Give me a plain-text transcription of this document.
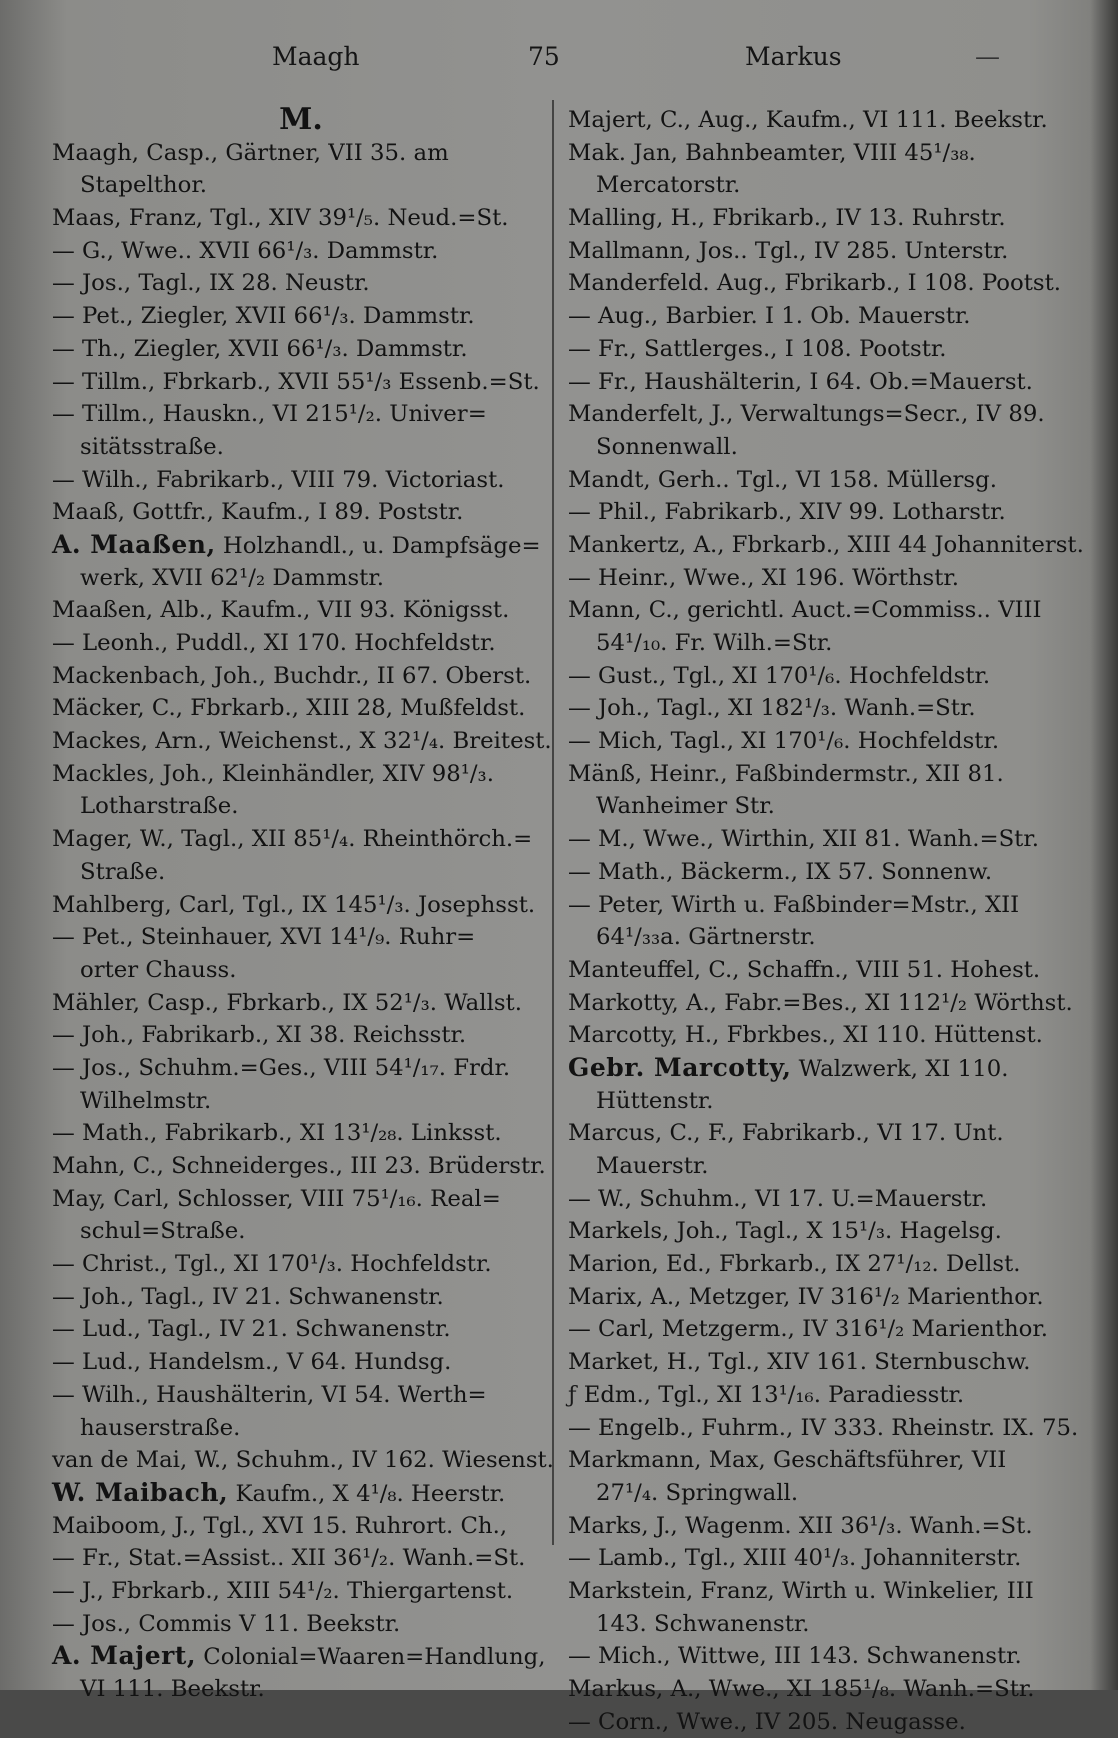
Maagh	75	Markus	—
M.
Maagh, Casp., Gärtner, VII 35. am
Stapelthor.
Maas, Franz, Tgl., XIV 39¹/₅. Neud.=St.
— G., Wwe.. XVII 66¹/₃. Dammstr.
— Jos., Tagl., IX 28. Neustr.
— Pet., Ziegler, XVII 66¹/₃. Dammstr.
— Th., Ziegler, XVII 66¹/₃. Dammstr.
— Tillm., Fbrkarb., XVII 55¹/₃ Essenb.=St.
— Tillm., Hauskn., VI 215¹/₂. Univer=
sitätsstraße.
— Wilh., Fabrikarb., VIII 79. Victoriast.
Maaß, Gottfr., Kaufm., I 89. Poststr.
A. Maaßen, Holzhandl., u. Dampfsäge=
werk, XVII 62¹/₂ Dammstr.
Maaßen, Alb., Kaufm., VII 93. Königsst.
— Leonh., Puddl., XI 170. Hochfeldstr.
Mackenbach, Joh., Buchdr., II 67. Oberst.
Mäcker, C., Fbrkarb., XIII 28, Mußfeldst.
Mackes, Arn., Weichenst., X 32¹/₄. Breitest.
Mackles, Joh., Kleinhändler, XIV 98¹/₃.
Lotharstraße.
Mager, W., Tagl., XII 85¹/₄. Rheinthörch.=
Straße.
Mahlberg, Carl, Tgl., IX 145¹/₃. Josephsst.
— Pet., Steinhauer, XVI 14¹/₉. Ruhr=
orter Chauss.
Mähler, Casp., Fbrkarb., IX 52¹/₃. Wallst.
— Joh., Fabrikarb., XI 38. Reichsstr.
— Jos., Schuhm.=Ges., VIII 54¹/₁₇. Frdr.
Wilhelmstr.
— Math., Fabrikarb., XI 13¹/₂₈. Linksst.
Mahn, C., Schneiderges., III 23. Brüderstr.
May, Carl, Schlosser, VIII 75¹/₁₆. Real=
schul=Straße.
— Christ., Tgl., XI 170¹/₃. Hochfeldstr.
— Joh., Tagl., IV 21. Schwanenstr.
— Lud., Tagl., IV 21. Schwanenstr.
— Lud., Handelsm., V 64. Hundsg.
— Wilh., Haushälterin, VI 54. Werth=
hauserstraße.
van de Mai, W., Schuhm., IV 162. Wiesenst.
W. Maibach, Kaufm., X 4¹/₈. Heerstr.
Maiboom, J., Tgl., XVI 15. Ruhrort. Ch.,
— Fr., Stat.=Assist.. XII 36¹/₂. Wanh.=St.
— J., Fbrkarb., XIII 54¹/₂. Thiergartenst.
— Jos., Commis V 11. Beekstr.
A. Majert, Colonial=Waaren=Handlung,
VI 111. Beekstr.
Majert, C., Aug., Kaufm., VI 111. Beekstr.
Mak. Jan, Bahnbeamter, VIII 45¹/₃₈.
Mercatorstr.
Malling, H., Fbrikarb., IV 13. Ruhrstr.
Mallmann, Jos.. Tgl., IV 285. Unterstr.
Manderfeld. Aug., Fbrikarb., I 108. Pootst.
— Aug., Barbier. I 1. Ob. Mauerstr.
— Fr., Sattlerges., I 108. Pootstr.
— Fr., Haushälterin, I 64. Ob.=Mauerst.
Manderfelt, J., Verwaltungs=Secr., IV 89.
Sonnenwall.
Mandt, Gerh.. Tgl., VI 158. Müllersg.
— Phil., Fabrikarb., XIV 99. Lotharstr.
Mankertz, A., Fbrkarb., XIII 44 Johanniterst.
— Heinr., Wwe., XI 196. Wörthstr.
Mann, C., gerichtl. Auct.=Commiss.. VIII
54¹/₁₀. Fr. Wilh.=Str.
— Gust., Tgl., XI 170¹/₆. Hochfeldstr.
— Joh., Tagl., XI 182¹/₃. Wanh.=Str.
— Mich, Tagl., XI 170¹/₆. Hochfeldstr.
Mänß, Heinr., Faßbindermstr., XII 81.
Wanheimer Str.
— M., Wwe., Wirthin, XII 81. Wanh.=Str.
— Math., Bäckerm., IX 57. Sonnenw.
— Peter, Wirth u. Faßbinder=Mstr., XII
64¹/₃₃a. Gärtnerstr.
Manteuffel, C., Schaffn., VIII 51. Hohest.
Markotty, A., Fabr.=Bes., XI 112¹/₂ Wörthst.
Marcotty, H., Fbrkbes., XI 110. Hüttenst.
Gebr. Marcotty, Walzwerk, XI 110.
Hüttenstr.
Marcus, C., F., Fabrikarb., VI 17. Unt.
Mauerstr.
— W., Schuhm., VI 17. U.=Mauerstr.
Markels, Joh., Tagl., X 15¹/₃. Hagelsg.
Marion, Ed., Fbrkarb., IX 27¹/₁₂. Dellst.
Marix, A., Metzger, IV 316¹/₂ Marienthor.
— Carl, Metzgerm., IV 316¹/₂ Marienthor.
Market, H., Tgl., XIV 161. Sternbuschw.
ƒ Edm., Tgl., XI 13¹/₁₆. Paradiesstr.
— Engelb., Fuhrm., IV 333. Rheinstr. IX. 75.
Markmann, Max, Geschäftsführer, VII
27¹/₄. Springwall.
Marks, J., Wagenm. XII 36¹/₃. Wanh.=St.
— Lamb., Tgl., XIII 40¹/₃. Johanniterstr.
Markstein, Franz, Wirth u. Winkelier, III
143. Schwanenstr.
— Mich., Wittwe, III 143. Schwanenstr.
Markus, A., Wwe., XI 185¹/₈. Wanh.=Str.
— Corn., Wwe., IV 205. Neugasse.
